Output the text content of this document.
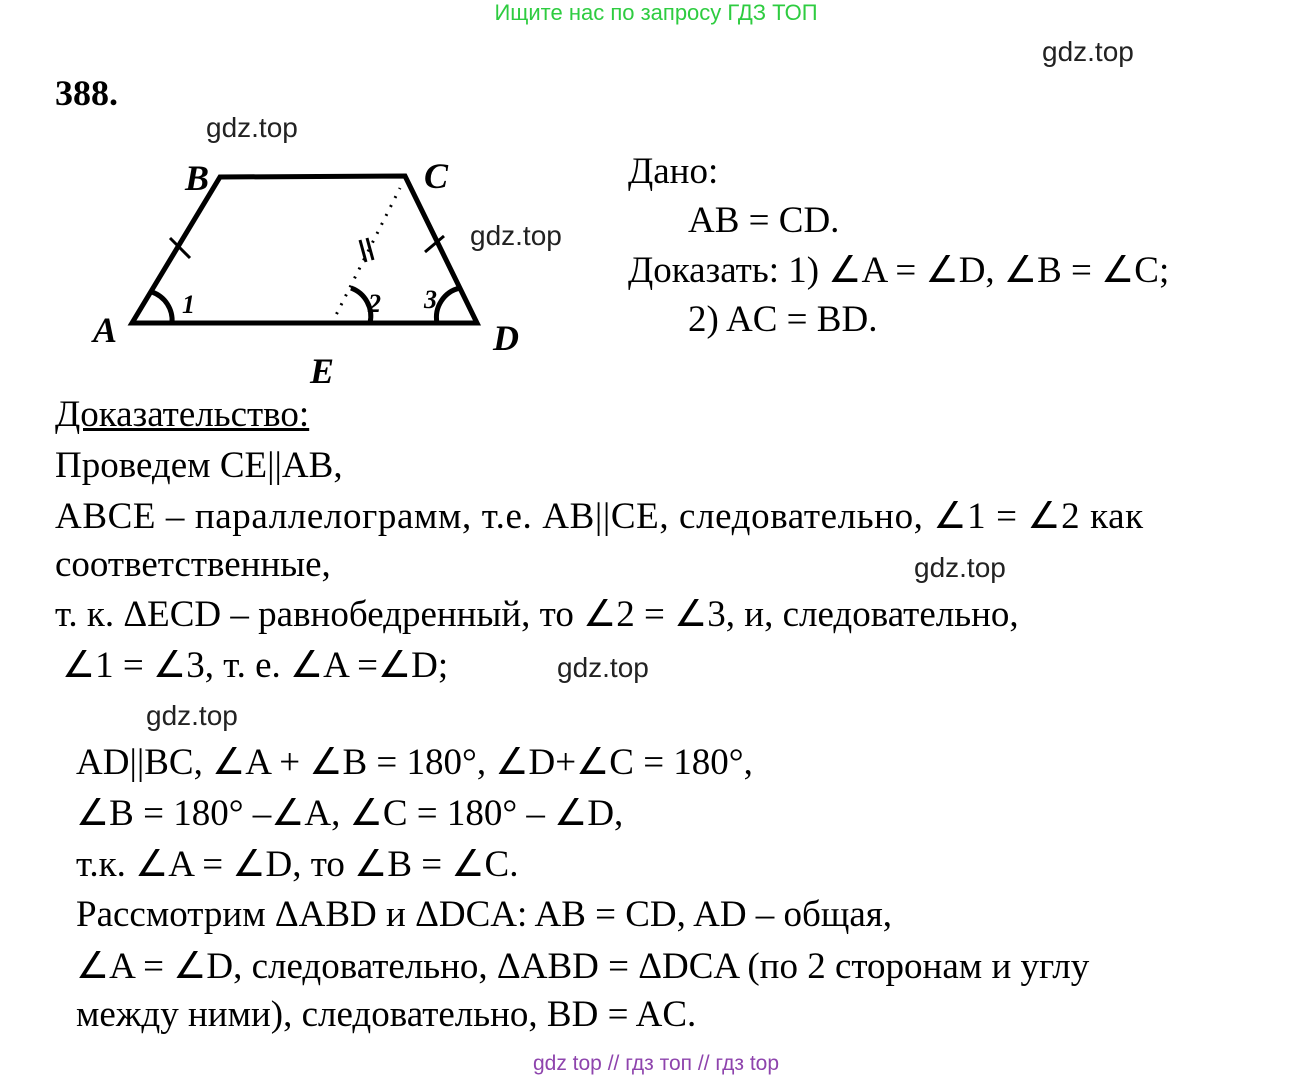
Ищите нас по запросу ГДЗ ТОП
gdz.top
388.
gdz.top
gdz.top
B	C
A	D
E
1	2 3
Дано:
AB = CD.
Доказать: 1) ∠A = ∠D, ∠B = ∠C;
2) AC = BD.
Доказательство:
Проведем CE||AB,
ABCE – параллелограмм, т.е. AB||CE, следовательно, ∠1 = ∠2 как
соответственные,	gdz.top
т. к. ΔECD – равнобедренный, то ∠2 = ∠3, и, следовательно,
∠1 = ∠3, т. е. ∠A =∠D;	gdz.top
gdz.top
AD||BC, ∠A + ∠B = 180°, ∠D+∠C = 180°,
∠B = 180° –∠A, ∠C = 180° – ∠D,
т.к. ∠A = ∠D, то ∠B = ∠C.
Рассмотрим ΔABD и ΔDCA: AB = CD, AD – общая,
∠A = ∠D, следовательно, ΔABD = ΔDCA (по 2 сторонам и углу
между ними), следовательно, BD = AC.
gdz top // гдз топ // гдз top
